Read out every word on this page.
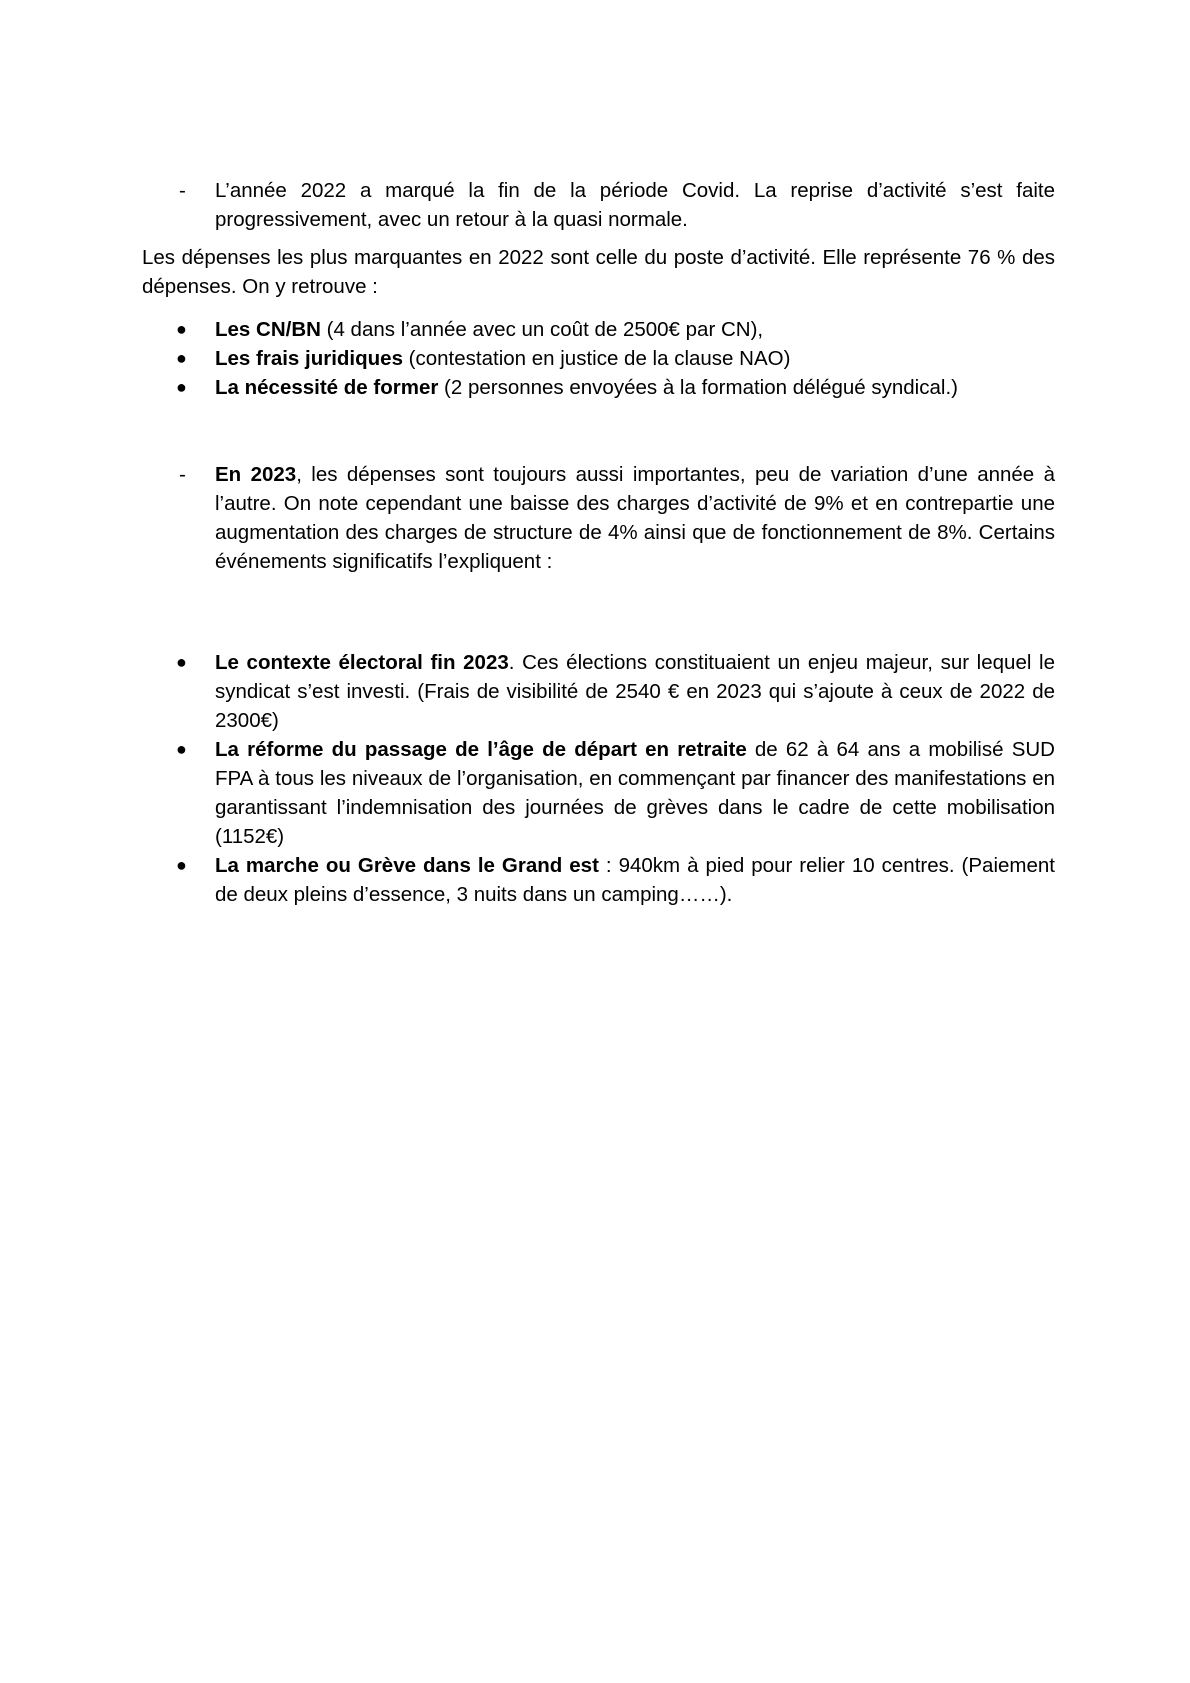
- L’année 2022 a marqué la fin de la période Covid. La reprise d’activité s’est faite progressivement, avec un retour à la quasi normale.
Les dépenses les plus marquantes en 2022 sont celle du poste d’activité. Elle représente 76 % des dépenses. On y retrouve :
● Les CN/BN (4 dans l’année avec un coût de 2500€ par CN),
● Les frais juridiques (contestation en justice de la clause NAO)
● La nécessité de former (2 personnes envoyées à la formation délégué syndical.)
- En 2023, les dépenses sont toujours aussi importantes, peu de variation d’une année à l’autre. On note cependant une baisse des charges d’activité de 9% et en contrepartie une augmentation des charges de structure de 4% ainsi que de fonctionnement de 8%. Certains événements significatifs l’expliquent :
● Le contexte électoral fin 2023. Ces élections constituaient un enjeu majeur, sur lequel le syndicat s’est investi. (Frais de visibilité de 2540 € en 2023 qui s’ajoute à ceux de 2022 de 2300€)
● La réforme du passage de l’âge de départ en retraite de 62 à 64 ans a mobilisé SUD FPA à tous les niveaux de l’organisation, en commençant par financer des manifestations en garantissant l’indemnisation des journées de grèves dans le cadre de cette mobilisation (1152€)
● La marche ou Grève dans le Grand est : 940km à pied pour relier 10 centres. (Paiement de deux pleins d’essence, 3 nuits dans un camping……).
